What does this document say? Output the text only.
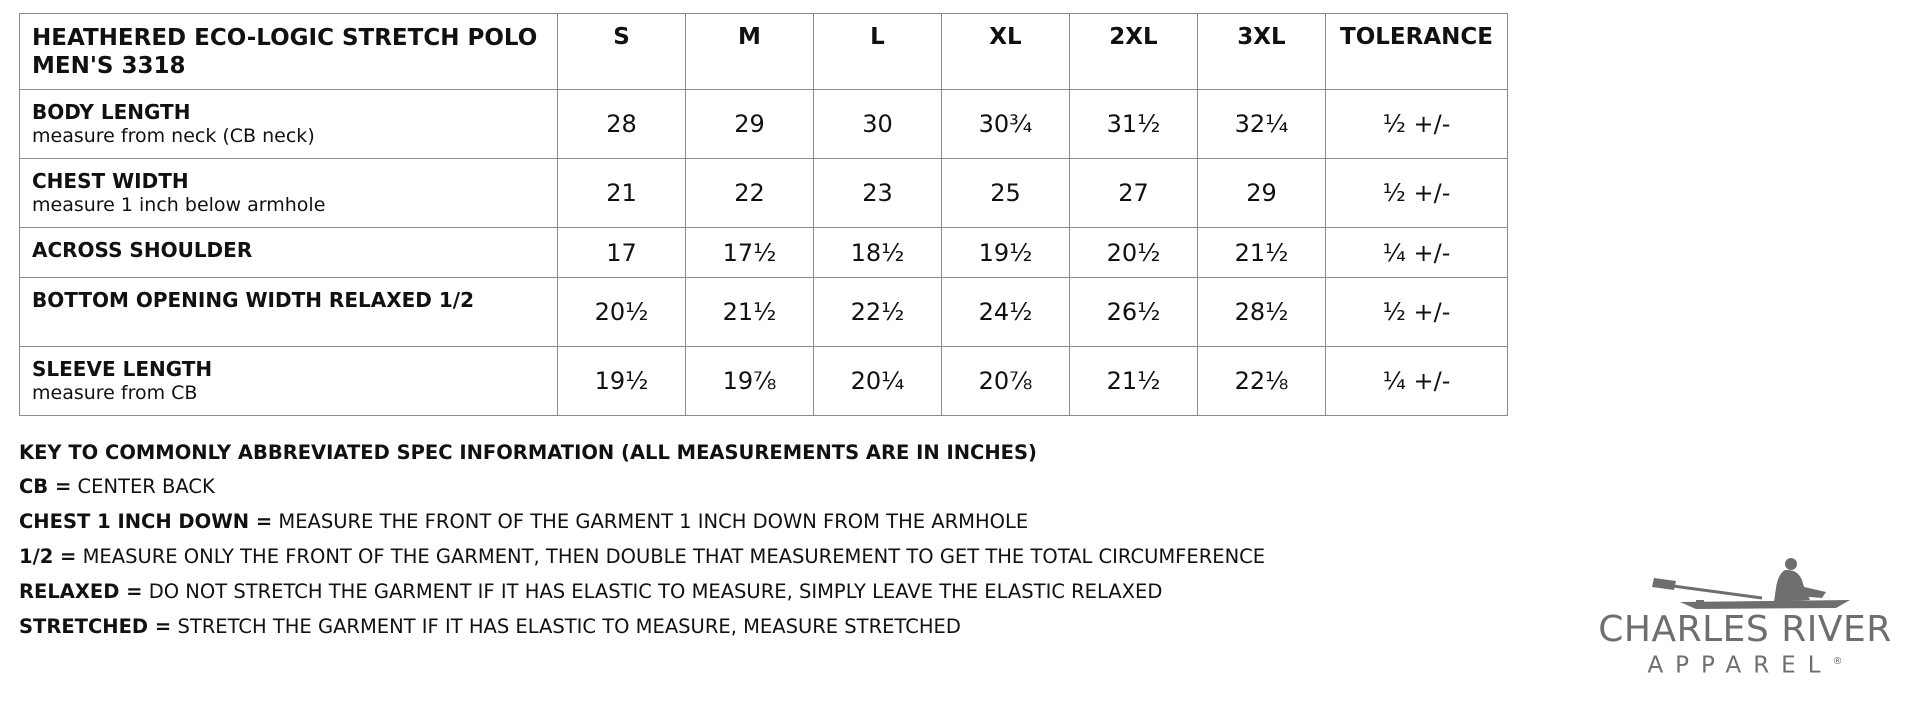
HEATHERED ECO-LOGIC STRETCH POLO
MEN'S 3318	S	M	L	XL	2XL	3XL	TOLERANCE

BODY LENGTH
measure from neck (CB neck)	28	29	30	30¾	31½	32¼	½ +/-

CHEST WIDTH
measure 1 inch below armhole	21	22	23	25	27	29	½ +/-

ACROSS SHOULDER	17	17½	18½	19½	20½	21½	¼ +/-

BOTTOM OPENING WIDTH RELAXED 1/2	20½	21½	22½	24½	26½	28½	½ +/-

SLEEVE LENGTH
measure from CB	19½	19⅞	20¼	20⅞	21½	22⅛	¼ +/-
KEY TO COMMONLY ABBREVIATED SPEC INFORMATION (ALL MEASUREMENTS ARE IN INCHES)
CB = CENTER BACK
CHEST 1 INCH DOWN = MEASURE THE FRONT OF THE GARMENT 1 INCH DOWN FROM THE ARMHOLE
1/2 = MEASURE ONLY THE FRONT OF THE GARMENT, THEN DOUBLE THAT MEASUREMENT TO GET THE TOTAL CIRCUMFERENCE
RELAXED = DO NOT STRETCH THE GARMENT IF IT HAS ELASTIC TO MEASURE, SIMPLY LEAVE THE ELASTIC RELAXED
STRETCHED = STRETCH THE GARMENT IF IT HAS ELASTIC TO MEASURE, MEASURE STRETCHED	CHARLES RIVER
APPAREL®
